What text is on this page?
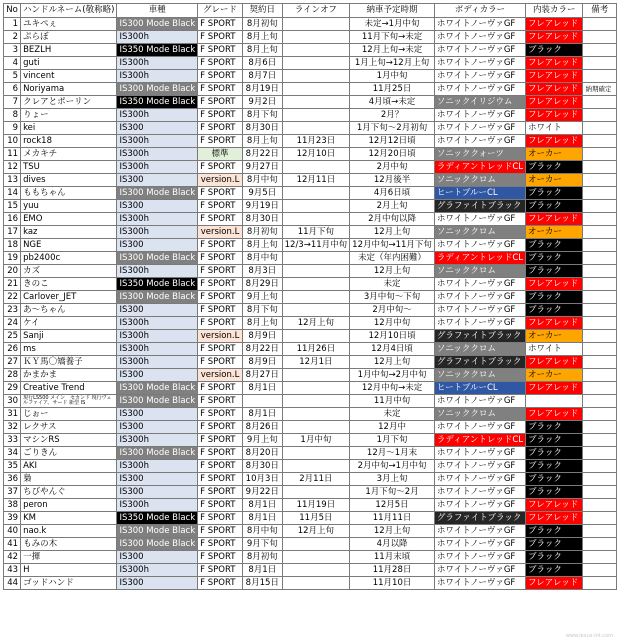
No	ハンドルネーム(敬称略)	車種	グレード	契約日	ラインオフ	納車予定時期	ボディカラー	内装カラー	備考
1	ユキペぇ	IS300 Mode Black	F SPORT	8月初旬		未定→1月中旬	ホワイトノーヴァGF	フレアレッド	
2	ぷらぼ	IS300h	F SPORT	8月上旬		11月下旬→未定	ホワイトノーヴァGF	フレアレッド	
3	BEZLH	IS350 Mode Black	F SPORT	8月上旬		12月上旬→未定	ホワイトノーヴァGF	ブラック	
4	guti	IS300h	F SPORT	8月6日		1月上旬→12月上旬	ホワイトノーヴァGF	フレアレッド	
5	vincent	IS300h	F SPORT	8月7日		1月中旬	ホワイトノーヴァGF	フレアレッド	
6	Noriyama	IS300 Mode Black	F SPORT	8月19日		11月25日	ホワイトノーヴァGF	フレアレッド	納期確定
7	クレアとポーリン	IS350 Mode Black	F SPORT	9月2日		4月頃→未定	ソニックイリジウム	フレアレッド	
8	りょー	IS300h	F SPORT	8月下旬		2月？	ホワイトノーヴァGF	フレアレッド	
9	kei	IS300	F SPORT	8月30日		1月下旬～2月初旬	ホワイトノーヴァGF	ホワイト	
10	rock18	IS300h	F SPORT	8月上旬	11月23日	12月12日頃	ホワイトノーヴァGF	フレアレッド	
11	メカキチ	IS300h	標準	8月22日	12月10日	12月20日頃	ソニッククォーツ	オーカー	
12	TSU	IS300h	F SPORT	9月27日		2月中旬	ラディアントレッドCL	ブラック	
13	dives	IS300	version.L	8月中旬	12月11日	12月後半	ソニッククロム	オーカー	
14	ももちゃん	IS300 Mode Black	F SPORT	9月5日		4月6日頃	ヒートブルーCL	ブラック	
15	yuu	IS300	F SPORT	9月19日		2月上旬	グラファイトブラック	ブラック	
16	EMO	IS300h	F SPORT	8月30日		2月中旬以降	ホワイトノーヴァGF	フレアレッド	
17	kaz	IS300h	version.L	8月初旬	11月下旬	12月上旬	ソニッククロム	オーカー	
18	NGE	IS300	F SPORT	8月上旬	12/3→11月中旬	12月中旬→11月下旬	ホワイトノーヴァGF	ブラック	
19	pb2400c	IS300 Mode Black	F SPORT	8月中旬		未定（年内困難）	ラディアントレッドCL	ブラック	
20	カズ	IS300h	F SPORT	8月3日		12月上旬	ソニッククロム	ブラック	
21	きのこ	IS350 Mode Black	F SPORT	8月29日		未定	ホワイトノーヴァGF	フレアレッド	
22	Carlover_JET	IS300 Mode Black	F SPORT	9月上旬		3月中旬～下旬	ホワイトノーヴァGF	ブラック	
23	あ～ちゃん	IS300	F SPORT	8月下旬		2月中旬～	ホワイトノーヴァGF	ブラック	
24	ケイ	IS300h	F SPORT	8月上旬	12月上旬	12月中旬	ホワイトノーヴァGF	フレアレッド	
25	Sanji	IS300h	version.L	8月9日		12月10日頃	グラファイトブラック	オーカー	
26	ms	IS300h	F SPORT	8月22日	11月26日	12月4日頃	ソニッククロム	ホワイト	
27	ＫＹ馬〇矯養子	IS300h	F SPORT	8月9日	12月1日	12月上旬	グラファイトブラック	フレアレッド	
28	かまかま	IS300	version.L	8月27日		1月中旬→2月中旬	ソニッククロム	オーカー	
29	Creative Trend	IS300 Mode Black	F SPORT	8月1日		12月中旬→未定	ヒートブルーCL	フレアレッド	
30	現行LS500 メイン　セカンド 現行ヴェルファイア、サード 新型 IS	IS300 Mode Black	F SPORT			11月中旬	ホワイトノーヴァGF		
31	じぉー	IS300	F SPORT	8月1日		未定	ソニッククロム	フレアレッド	
32	レクサス	IS300	F SPORT	8月26日		12月中	ホワイトノーヴァGF	ブラック	
33	マシンRS	IS300h	F SPORT	9月上旬	1月中旬	1月下旬	ラディアントレッドCL	ブラック	
34	ごりきん	IS300 Mode Black	F SPORT	8月20日		12月～1月末	ホワイトノーヴァGF	ブラック	
35	AKI	IS300h	F SPORT	8月30日		2月中旬→1月中旬	ホワイトノーヴァGF	ブラック	
36	梟	IS300	F SPORT	10月3日	2月11日	3月上旬	ホワイトノーヴァGF	ブラック	
37	ちびやんぐ	IS300	F SPORT	9月22日		1月下旬～2月	ホワイトノーヴァGF	ブラック	
38	peron	IS300h	F SPORT	8月1日	11月19日	12月5日	ホワイトノーヴァGF	フレアレッド	
39	KM	IS350 Mode Black	F SPORT	8月1日	11月5日	11月11日	グラファイトブラック	フレアレッド	
40	nao.k	IS300 Mode Black	F SPORT	8月中旬	12月上旬	12月上旬	ホワイトノーヴァGF	ブラック	
41	もみの木	IS300 Mode Black	F SPORT	9月下旬		4月以降	ホワイトノーヴァGF	ブラック	
42	一揮	IS300	F SPORT	8月初旬		11月末頃	ホワイトノーヴァGF	ブラック	
43	H	IS300h	F SPORT	8月1日		11月28日	ホワイトノーヴァGF	ブラック	
44	ゴッドハンド	IS300	F SPORT	8月15日		11月10日	ホワイトノーヴァGF	フレアレッド	
www.lexus-int.com
